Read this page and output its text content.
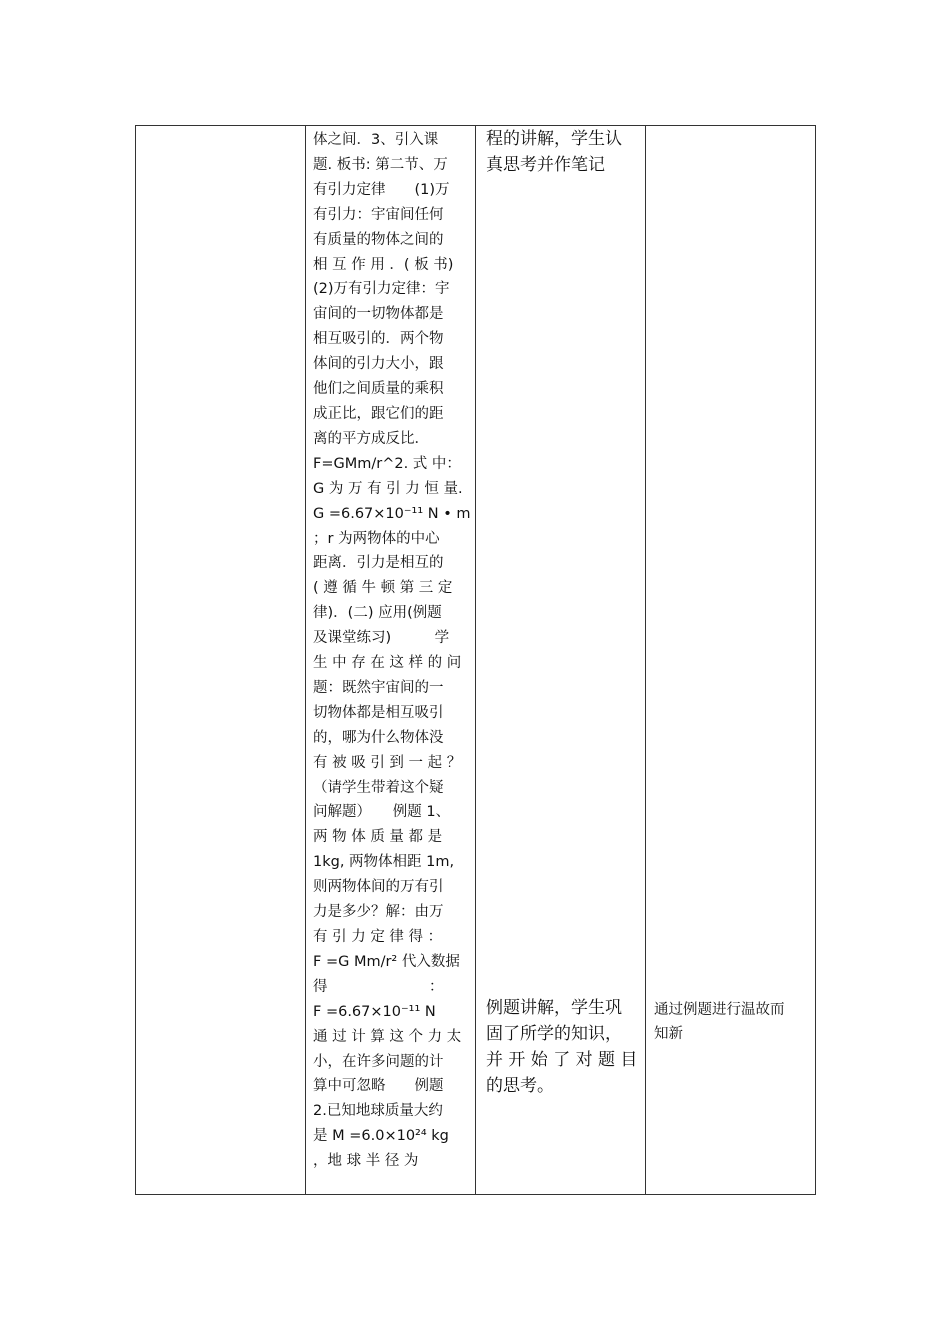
体之间．3、引入课

题. 板书: 第二节、万

有引力定律　　(1)万

有引力：宇宙间任何

有质量的物体之间的

相 互 作 用 ．( 板 书)

(2)万有引力定律：宇

宙间的一切物体都是

相互吸引的．两个物

体间的引力大小，跟

他们之间质量的乘积

成正比，跟它们的距

离的平方成反比．

F=GMm/r^2. 式 中：

G 为 万 有 引 力 恒 量.

G =6.67×10⁻¹¹ N • m

；r 为两物体的中心

距离．引力是相互的

( 遵 循 牛 顿 第 三 定

律)．(二) 应用(例题

及课堂练习)　　　学

生 中 存 在 这 样 的 问

题：既然宇宙间的一

切物体都是相互吸引

的，哪为什么物体没

有 被 吸 引 到 一 起 ？

（请学生带着这个疑

问解题）　　例题 1、

两 物 体 质 量 都 是

1kg, 两物体相距 1m,

则两物体间的万有引

力是多少？解：由万

有 引 力 定 律 得 ：

F =G Mm/r² 代入数据

得　　　　　　　：

F =6.67×10⁻¹¹ N

通 过 计 算 这 个 力 太

小，在许多问题的计

算中可忽略　　例题

2.已知地球质量大约

是 M =6.0×10²⁴ kg

，地 球 半 径 为

程的讲解，学生认

真思考并作笔记

例题讲解，学生巩

固了所学的知识，

并 开 始 了 对 题 目

的思考。

通过例题进行温故而

知新
